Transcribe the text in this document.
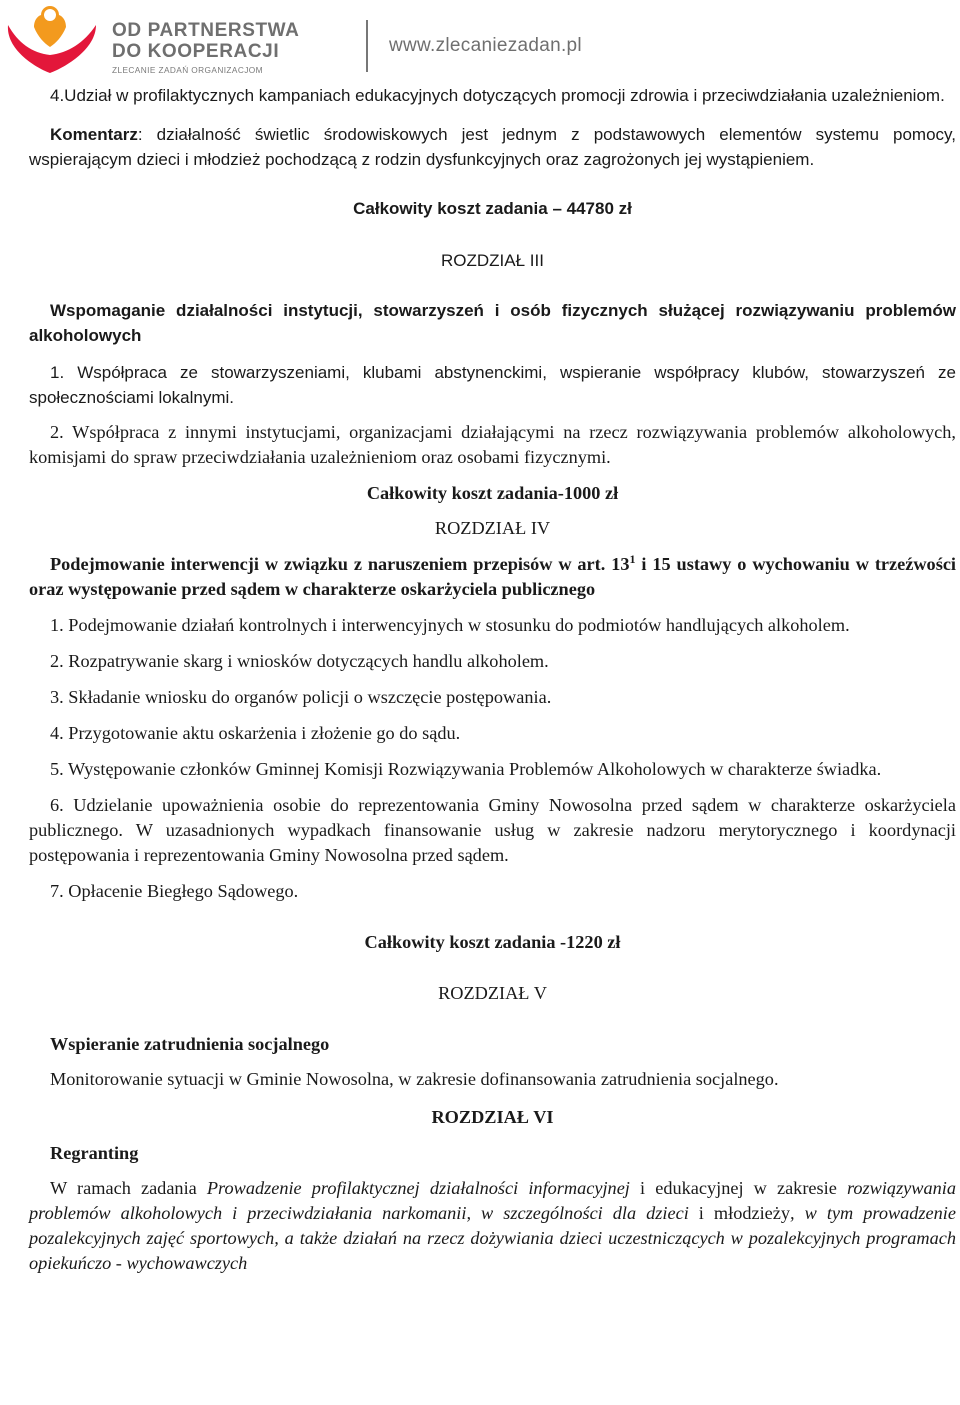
OD PARTNERSTWA
DO KOOPERACJI
ZLECANIE ZADAŃ ORGANIZACJOM
www.zlecaniezadan.pl

4.Udział w profilaktycznych kampaniach edukacyjnych dotyczących promocji zdrowia i przeciwdziałania uzależnieniom.

Komentarz: działalność świetlic środowiskowych jest jednym z podstawowych elementów systemu pomocy, wspierającym dzieci i młodzież pochodzącą z rodzin dysfunkcyjnych oraz zagrożonych jej wystąpieniem.

Całkowity koszt zadania – 44780 zł

ROZDZIAŁ III

Wspomaganie działalności instytucji, stowarzyszeń i osób fizycznych służącej rozwiązywaniu problemów alkoholowych

1. Współpraca ze stowarzyszeniami, klubami abstynenckimi, wspieranie współpracy klubów, stowarzyszeń ze społecznościami lokalnymi.

2. Współpraca z innymi instytucjami, organizacjami działającymi na rzecz rozwiązywania problemów alkoholowych, komisjami do spraw przeciwdziałania uzależnieniom oraz osobami fizycznymi.

Całkowity koszt zadania-1000 zł

ROZDZIAŁ IV

Podejmowanie interwencji w związku z naruszeniem przepisów w art. $13^1$ i 15 ustawy o wychowaniu w trzeźwości oraz występowanie przed sądem w charakterze oskarżyciela publicznego

1. Podejmowanie działań kontrolnych i interwencyjnych w stosunku do podmiotów handlujących alkoholem.

2. Rozpatrywanie skarg i wniosków dotyczących handlu alkoholem.

3. Składanie wniosku do organów policji o wszczęcie postępowania.

4. Przygotowanie aktu oskarżenia i złożenie go do sądu.

5. Występowanie członków Gminnej Komisji Rozwiązywania Problemów Alkoholowych w charakterze świadka.

6. Udzielanie upoważnienia osobie do reprezentowania Gminy Nowosolna przed sądem w charakterze oskarżyciela publicznego. W uzasadnionych wypadkach finansowanie usług w zakresie nadzoru merytorycznego i koordynacji postępowania i reprezentowania Gminy Nowosolna przed sądem.

7. Opłacenie Biegłego Sądowego.

Całkowity koszt zadania -1220 zł

ROZDZIAŁ V

Wspieranie zatrudnienia socjalnego

Monitorowanie sytuacji w Gminie Nowosolna, w zakresie dofinansowania zatrudnienia socjalnego.

ROZDZIAŁ VI

Regranting

W ramach zadania Prowadzenie profilaktycznej działalności informacyjnej i edukacyjnej w zakresie rozwiązywania problemów alkoholowych i przeciwdziałania narkomanii, w szczególności dla dzieci i młodzieży, w tym prowadzenie pozalekcyjnych zajęć sportowych, a także działań na rzecz dożywiania dzieci uczestniczących w pozalekcyjnych programach opiekuńczo - wychowawczych
